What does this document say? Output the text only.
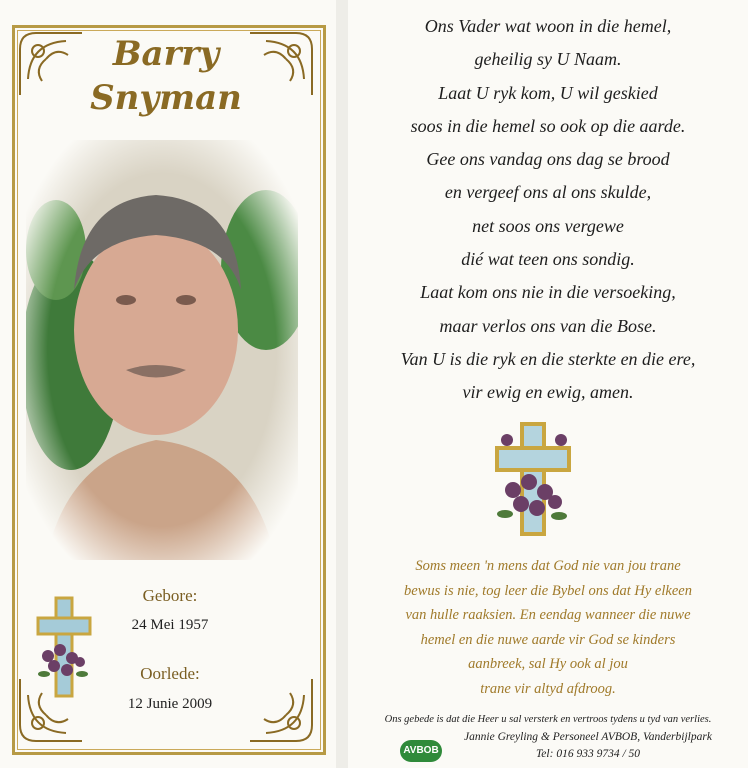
Barry
Snyman
Gebore:
24 Mei 1957
Oorlede:
12 Junie 2009
Ons Vader wat woon in die hemel,
geheilig sy U Naam.
Laat U ryk kom, U wil geskied
soos in die hemel so ook op die aarde.
Gee ons vandag ons dag se brood
en vergeef ons al ons skulde,
net soos ons vergewe
dié wat teen ons sondig.
Laat kom ons nie in die versoeking,
maar verlos ons van die Bose.
Van U is die ryk en die sterkte en die ere,
vir ewig en ewig, amen.
Soms meen 'n mens dat God nie van jou trane
bewus is nie, tog leer die Bybel ons dat Hy elkeen
van hulle raaksien. En eendag wanneer die nuwe
hemel en die nuwe aarde vir God se kinders
aanbreek, sal Hy ook al jou
trane vir altyd afdroog.
Ons gebede is dat die Heer u sal versterk en vertroos tydens u tyd van verlies.
Jannie Greyling & Personeel AVBOB, Vanderbijlpark
Tel: 016 933 9734 / 50
AVBOB
